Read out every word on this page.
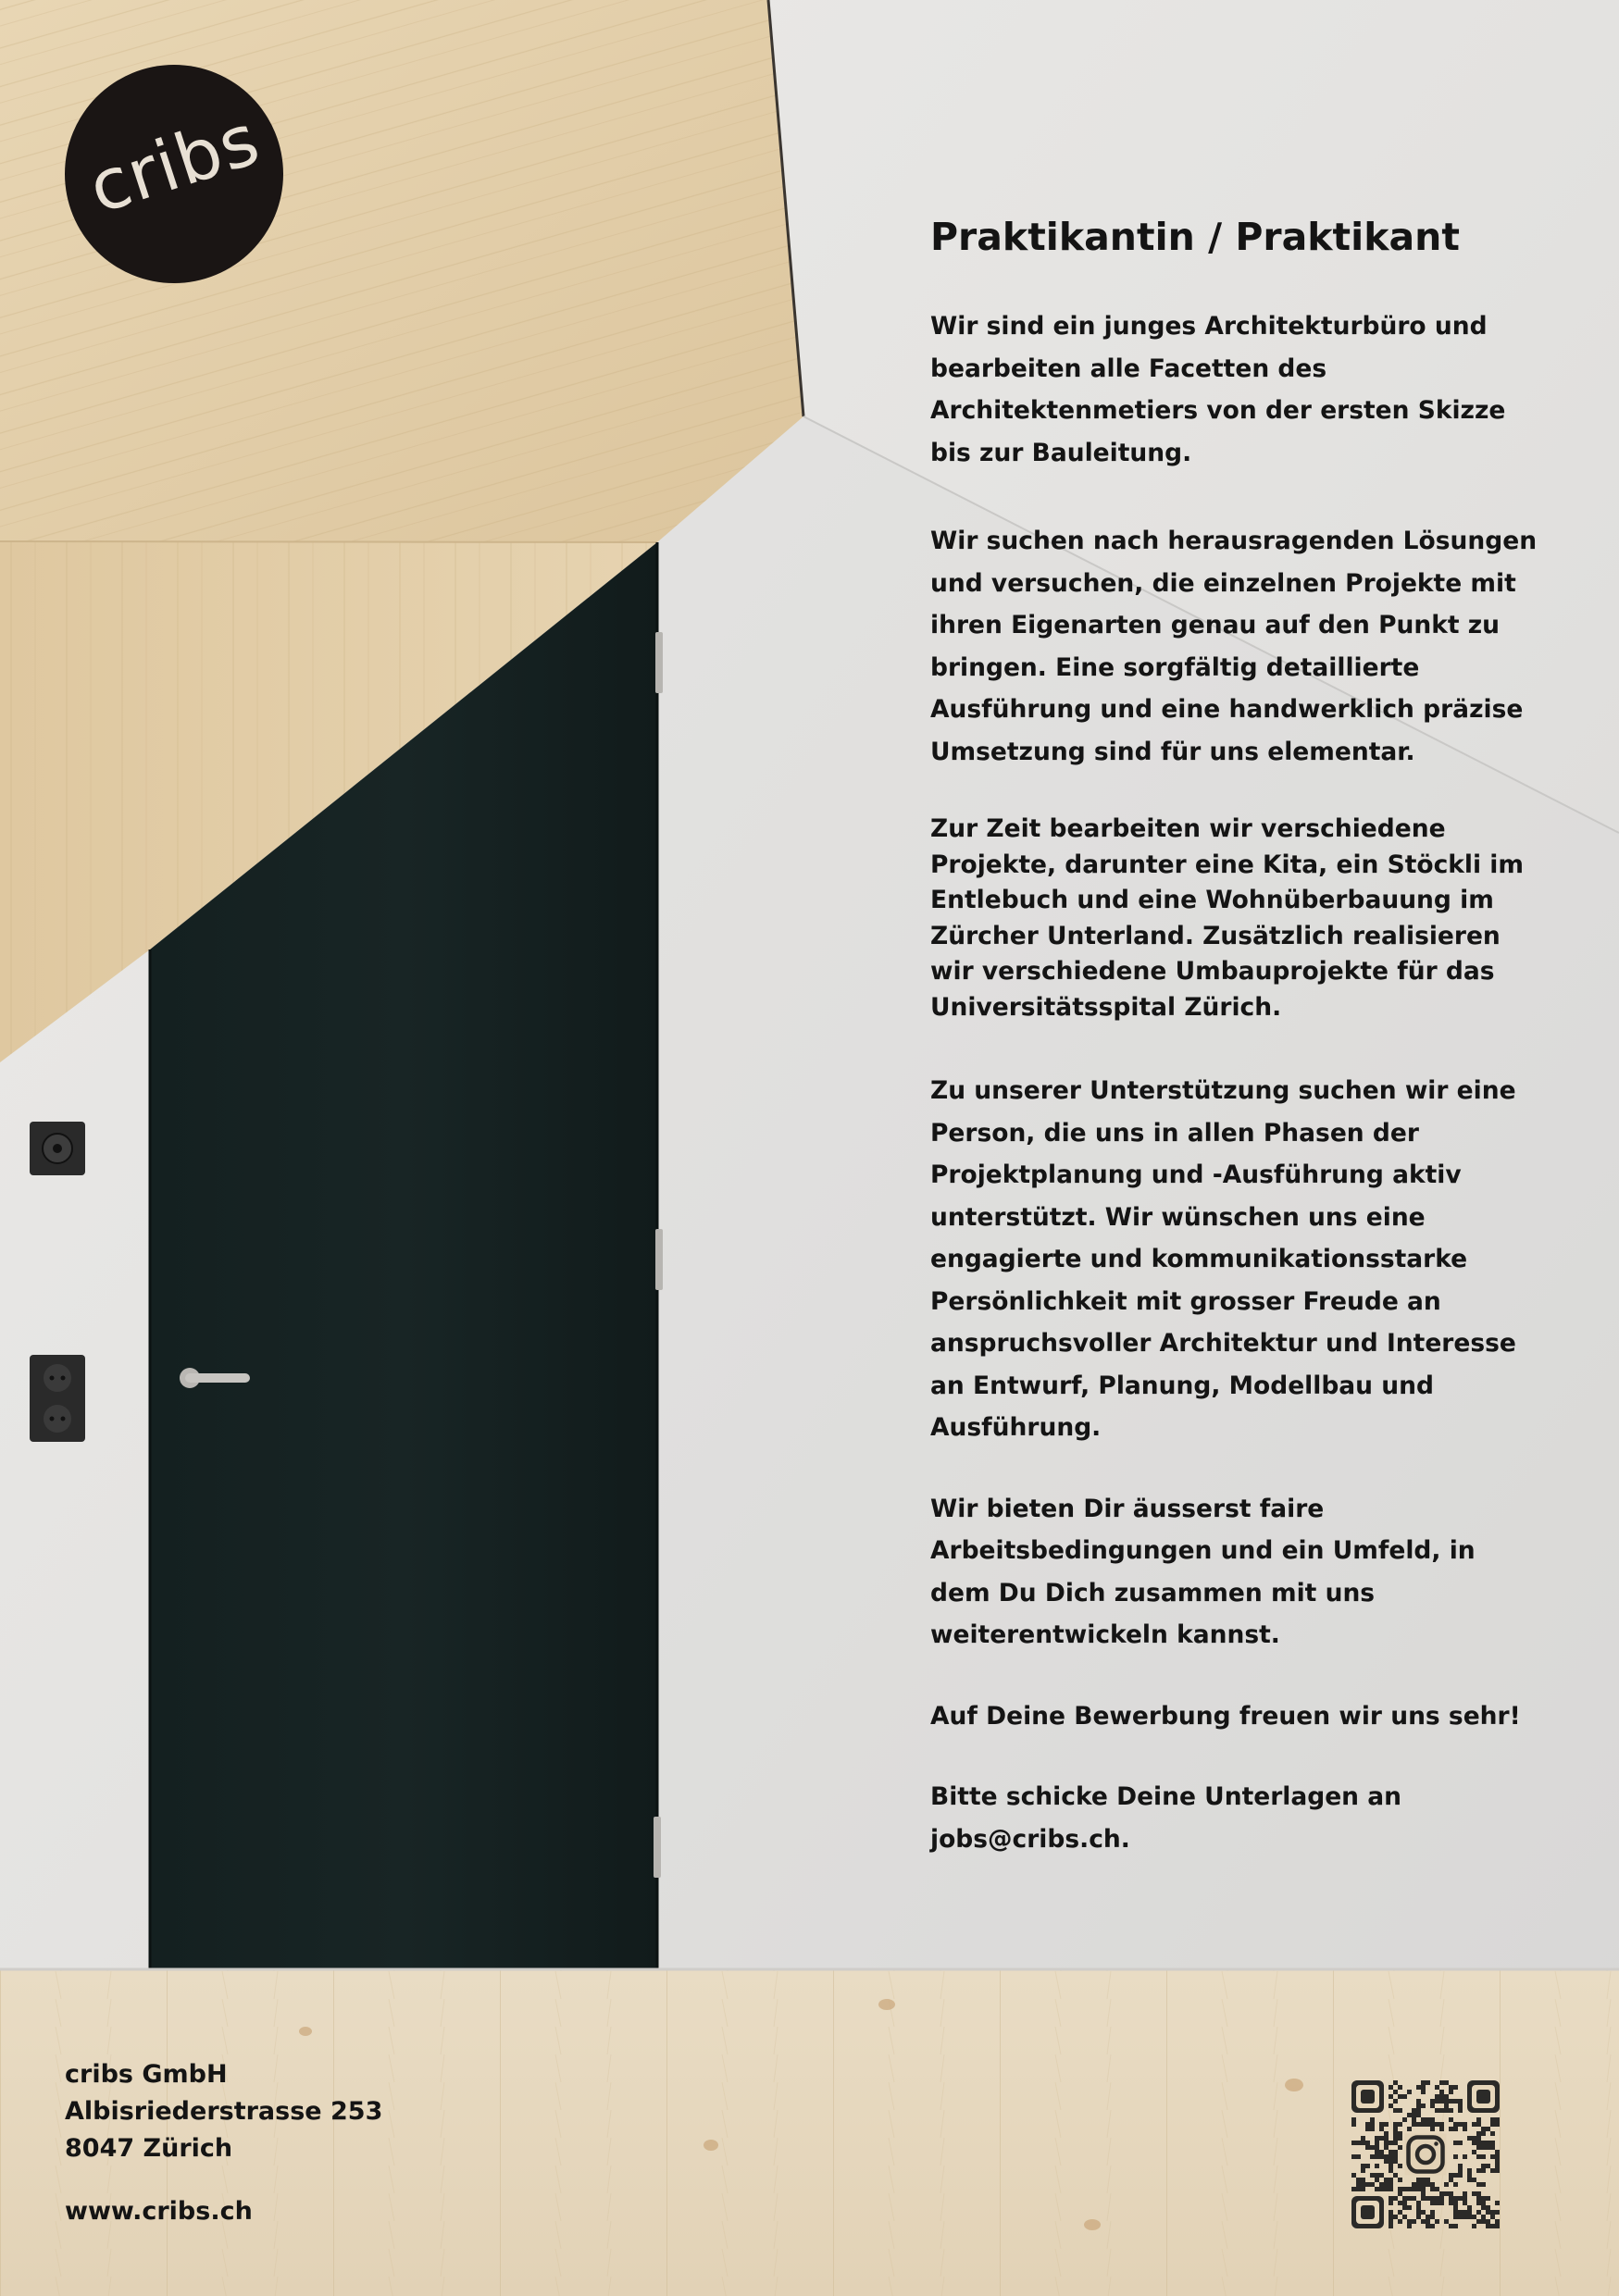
cribs
Praktikantin / Praktikant

Wir sind ein junges Architekturbüro und bearbeiten alle Facetten des Architektenmetiers von der ersten Skizze bis zur Bauleitung.

Wir suchen nach herausragenden Lösungen und versuchen, die einzelnen Projekte mit ihren Eigenarten genau auf den Punkt zu bringen. Eine sorgfältig detaillierte Ausführung und eine handwerklich präzise Umsetzung sind für uns elementar.

Zur Zeit bearbeiten wir verschiedene Projekte, darunter eine Kita, ein Stöckli im Entlebuch und eine Wohnüberbauung im Zürcher Unterland. Zusätzlich realisieren wir verschiedene Umbauprojekte für das Universitätsspital Zürich.

Zu unserer Unterstützung suchen wir eine Person, die uns in allen Phasen der Projektplanung und -Ausführung aktiv unterstützt. Wir wünschen uns eine engagierte und kommunikationsstarke Persönlichkeit mit grosser Freude an anspruchsvoller Architektur und Interesse an Entwurf, Planung, Modellbau und Ausführung.

Wir bieten Dir äusserst faire Arbeitsbedingungen und ein Umfeld, in dem Du Dich zusammen mit uns weiterentwickeln kannst.

Auf Deine Bewerbung freuen wir uns sehr!

Bitte schicke Deine Unterlagen an jobs@cribs.ch.

cribs GmbH
Albisriederstrasse 253
8047 Zürich
www.cribs.ch
